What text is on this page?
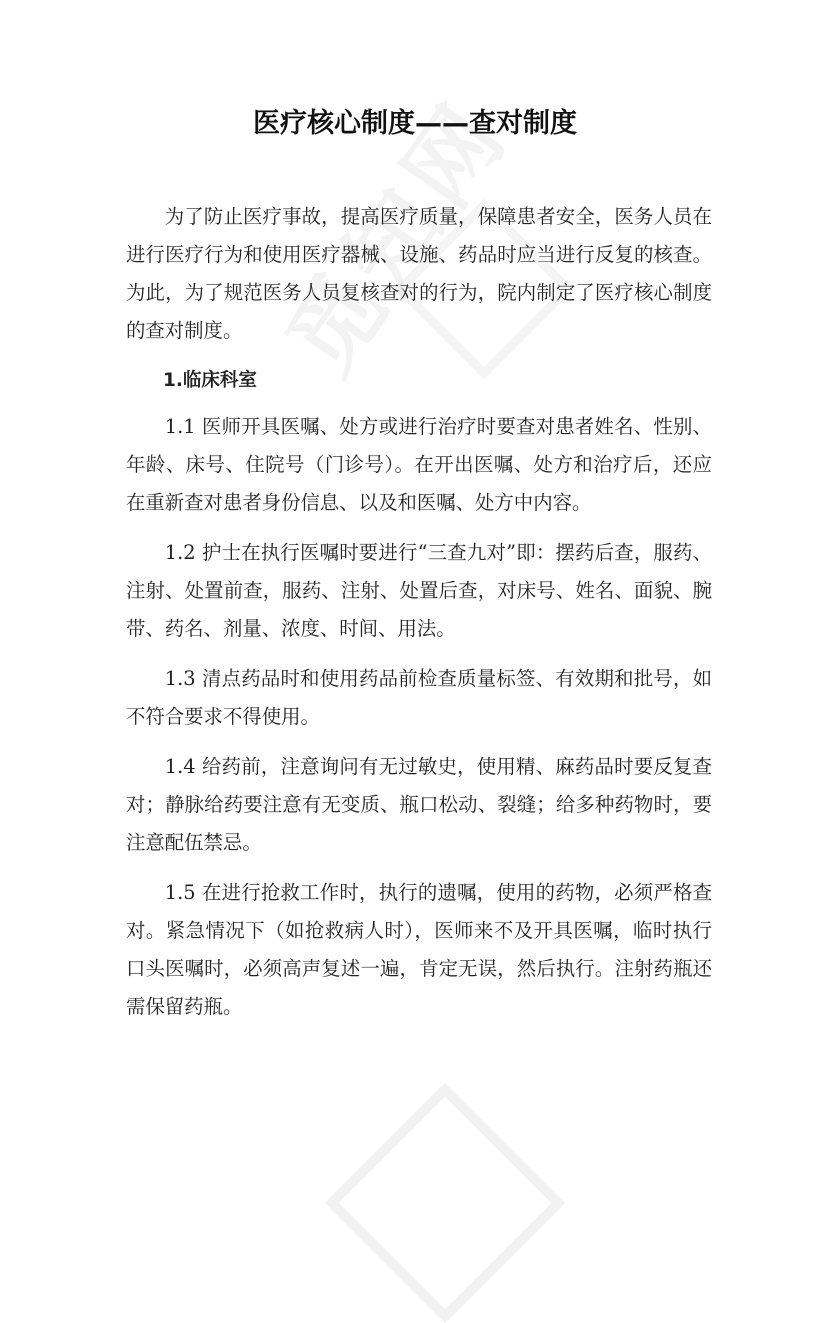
医疗核心制度——查对制度

为了防止医疗事故，提高医疗质量，保障患者安全，医务人员在进行医疗行为和使用医疗器械、设施、药品时应当进行反复的核查。为此，为了规范医务人员复核查对的行为，院内制定了医疗核心制度的查对制度。

1.临床科室

1.1 医师开具医嘱、处方或进行治疗时要查对患者姓名、性别、年龄、床号、住院号（门诊号）。在开出医嘱、处方和治疗后，还应在重新查对患者身份信息、以及和医嘱、处方中内容。

1.2 护士在执行医嘱时要进行“三查九对”即：摆药后查，服药、注射、处置前查，服药、注射、处置后查，对床号、姓名、面貌、腕带、药名、剂量、浓度、时间、用法。

1.3 清点药品时和使用药品前检查质量标签、有效期和批号，如不符合要求不得使用。

1.4 给药前，注意询问有无过敏史，使用精、麻药品时要反复查对；静脉给药要注意有无变质、瓶口松动、裂缝；给多种药物时，要注意配伍禁忌。

1.5 在进行抢救工作时，执行的遗嘱，使用的药物，必须严格查对。紧急情况下（如抢救病人时），医师来不及开具医嘱，临时执行口头医嘱时，必须高声复述一遍，肯定无误，然后执行。注射药瓶还需保留药瓶。
